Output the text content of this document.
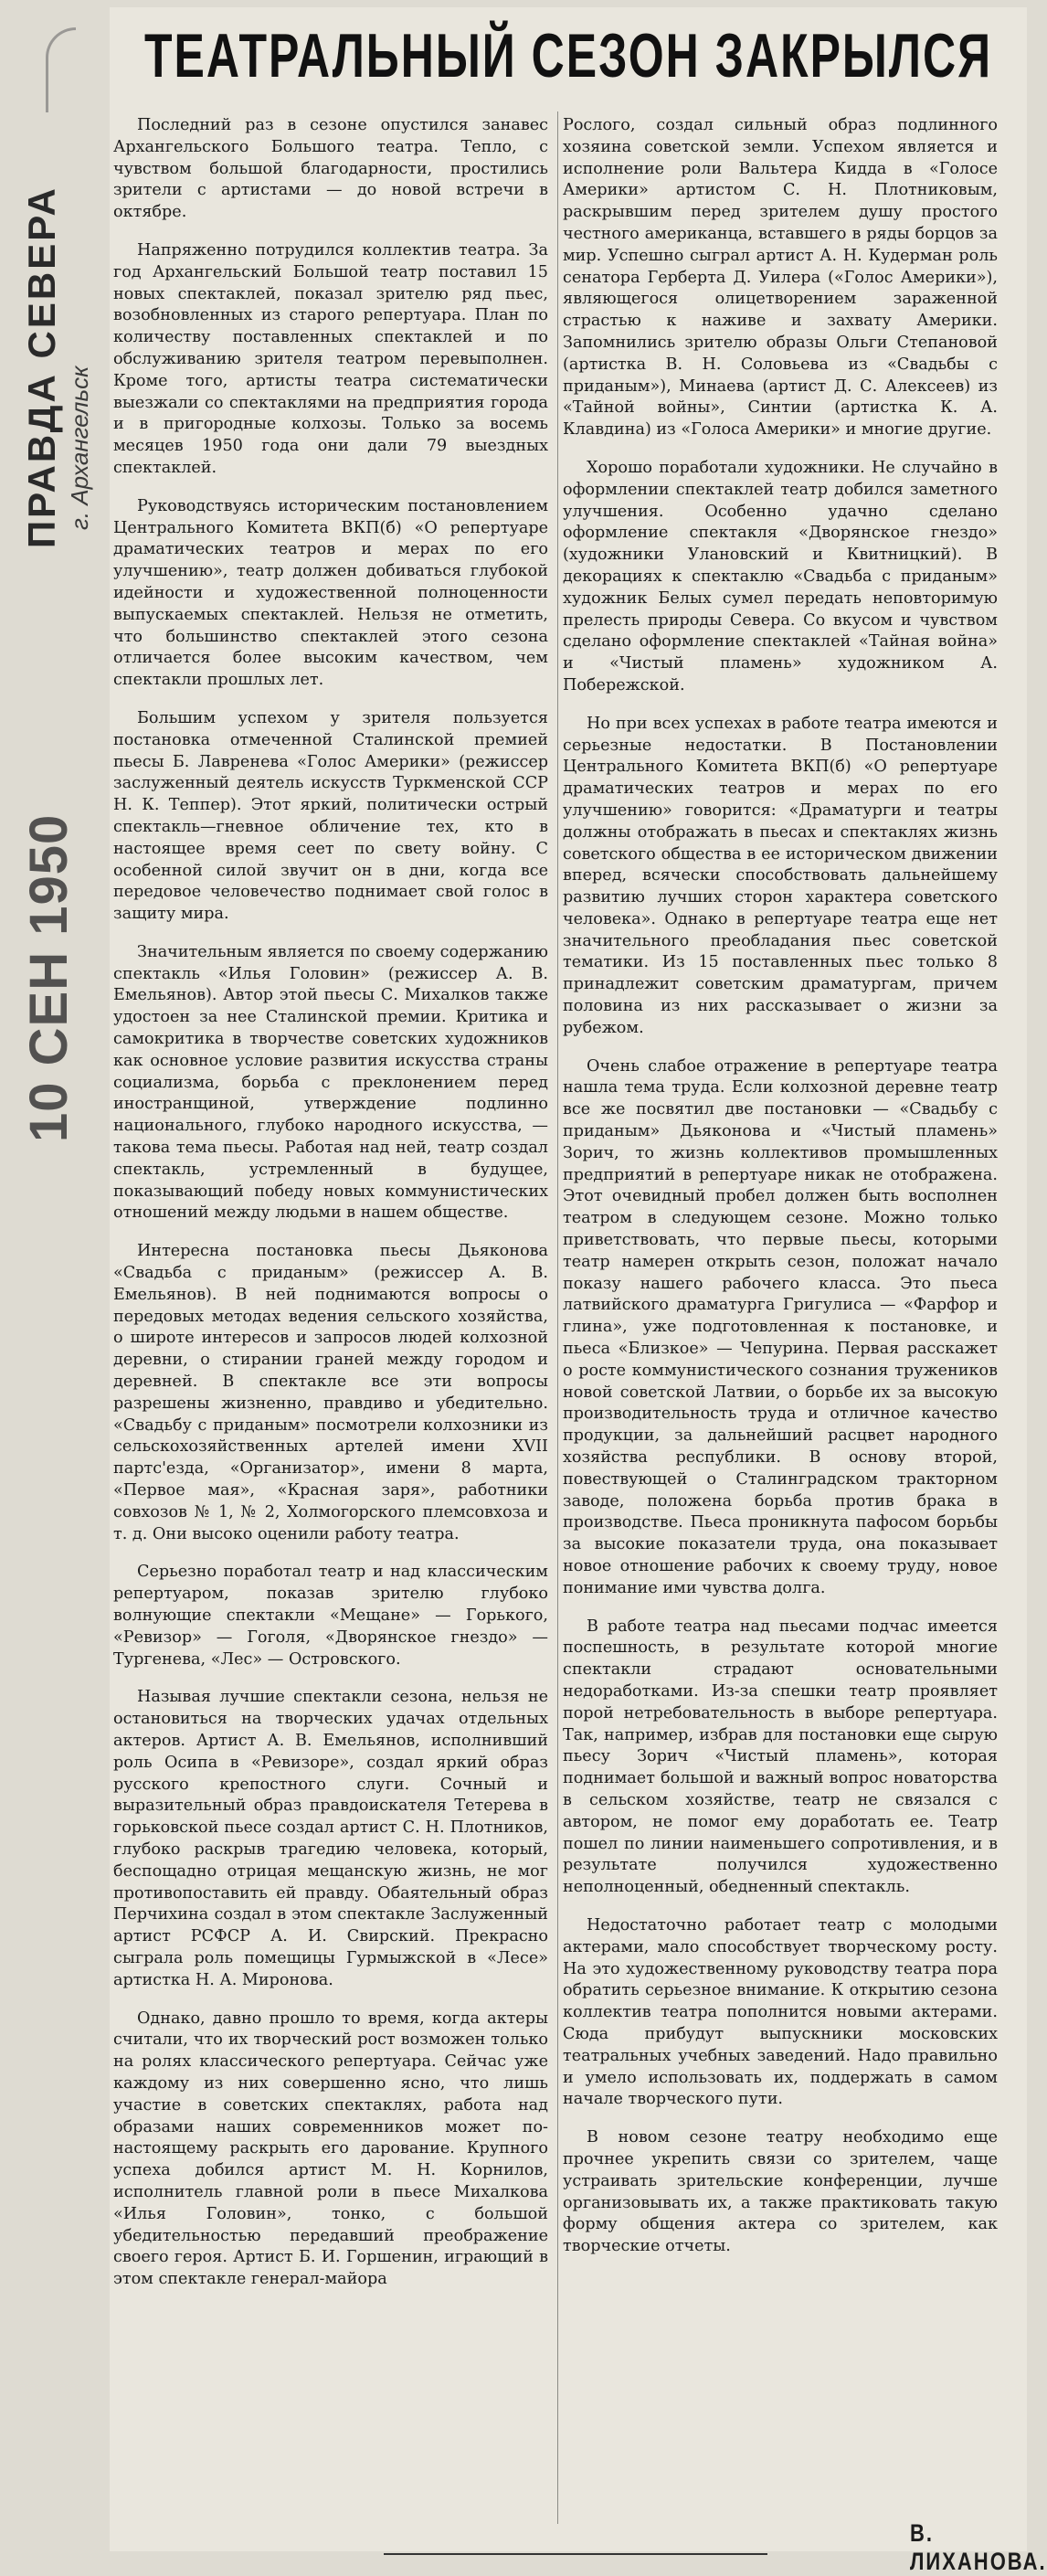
ПРАВДА СЕВЕРА г. Архангельск
10 СЕН 1950
ТЕАТРАЛЬНЫЙ СЕЗОН ЗАКРЫЛСЯ

Последний раз в сезоне опустился занавес Архангельского Большого театра. Тепло, с чувством большой благодарности, простились зрители с артистами — до новой встречи в октябре.

Напряженно потрудился коллектив театра. За год Архангельский Большой театр поставил 15 новых спектаклей, показал зрителю ряд пьес, возобновленных из старого репертуара. План по количеству поставленных спектаклей и по обслуживанию зрителя театром перевыполнен. Кроме того, артисты театра систематически выезжали со спектаклями на предприятия города и в пригородные колхозы. Только за восемь месяцев 1950 года они дали 79 выездных спектаклей.

Руководствуясь историческим постановлением Центрального Комитета ВКП(б) «О репертуаре драматических театров и мерах по его улучшению», театр должен добиваться глубокой идейности и художественной полноценности выпускаемых спектаклей. Нельзя не отметить, что большинство спектаклей этого сезона отличается более высоким качеством, чем спектакли прошлых лет.

Большим успехом у зрителя пользуется постановка отмеченной Сталинской премией пьесы Б. Лавренева «Голос Америки» (режиссер заслуженный деятель искусств Туркменской ССР Н. К. Теппер). Этот яркий, политически острый спектакль—гневное обличение тех, кто в настоящее время сеет по свету войну. С особенной силой звучит он в дни, когда все передовое человечество поднимает свой голос в защиту мира.

Значительным является по своему содержанию спектакль «Илья Головин» (режиссер А. В. Емельянов). Автор этой пьесы С. Михалков также удостоен за нее Сталинской премии. Критика и самокритика в творчестве советских художников как основное условие развития искусства страны социализма, борьба с преклонением перед иностранщиной, утверждение подлинно национального, глубоко народного искусства, — такова тема пьесы. Работая над ней, театр создал спектакль, устремленный в будущее, показывающий победу новых коммунистических отношений между людьми в нашем обществе.

Интересна постановка пьесы Дьяконова «Свадьба с приданым» (режиссер А. В. Емельянов). В ней поднимаются вопросы о передовых методах ведения сельского хозяйства, о широте интересов и запросов людей колхозной деревни, о стирании граней между городом и деревней. В спектакле все эти вопросы разрешены жизненно, правдиво и убедительно. «Свадьбу с приданым» посмотрели колхозники из сельскохозяйственных артелей имени XVII партс'езда, «Организатор», имени 8 марта, «Первое мая», «Красная заря», работники совхозов № 1, № 2, Холмогорского племсовхоза и т. д. Они высоко оценили работу театра.

Серьезно поработал театр и над классическим репертуаром, показав зрителю глубоко волнующие спектакли «Мещане» — Горького, «Ревизор» — Гоголя, «Дворянское гнездо» — Тургенева, «Лес» — Островского.

Называя лучшие спектакли сезона, нельзя не остановиться на творческих удачах отдельных актеров. Артист А. В. Емельянов, исполнивший роль Осипа в «Ревизоре», создал яркий образ русского крепостного слуги. Сочный и выразительный образ правдоискателя Тетерева в горьковской пьесе создал артист С. Н. Плотников, глубоко раскрыв трагедию человека, который, беспощадно отрицая мещанскую жизнь, не мог противопоставить ей правду. Обаятельный образ Перчихина создал в этом спектакле Заслуженный артист РСФСР А. И. Свирский. Прекрасно сыграла роль помещицы Гурмыжской в «Лесе» артистка Н. А. Миронова.

Однако, давно прошло то время, когда актеры считали, что их творческий рост возможен только на ролях классического репертуара. Сейчас уже каждому из них совершенно ясно, что лишь участие в советских спектаклях, работа над образами наших современников может по-настоящему раскрыть его дарование. Крупного успеха добился артист М. Н. Корнилов, исполнитель главной роли в пьесе Михалкова «Илья Головин», тонко, с большой убедительностью передавший преображение своего героя. Артист Б. И. Горшенин, играющий в этом спектакле генерал-майора

Рослого, создал сильный образ подлинного хозяина советской земли. Успехом является и исполнение роли Вальтера Кидда в «Голосе Америки» артистом С. Н. Плотниковым, раскрывшим перед зрителем душу простого честного американца, вставшего в ряды борцов за мир. Успешно сыграл артист А. Н. Кудерман роль сенатора Герберта Д. Уилера («Голос Америки»), являющегося олицетворением зараженной страстью к наживе и захвату Америки. Запомнились зрителю образы Ольги Степановой (артистка В. Н. Соловьева из «Свадьбы с приданым»), Минаева (артист Д. С. Алексеев) из «Тайной войны», Синтии (артистка К. А. Клавдина) из «Голоса Америки» и многие другие.

Хорошо поработали художники. Не случайно в оформлении спектаклей театр добился заметного улучшения. Особенно удачно сделано оформление спектакля «Дворянское гнездо» (художники Улановский и Квитницкий). В декорациях к спектаклю «Свадьба с приданым» художник Белых сумел передать неповторимую прелесть природы Севера. Со вкусом и чувством сделано оформление спектаклей «Тайная война» и «Чистый пламень» художником А. Побережской.

Но при всех успехах в работе театра имеются и серьезные недостатки. В Постановлении Центрального Комитета ВКП(б) «О репертуаре драматических театров и мерах по его улучшению» говорится: «Драматурги и театры должны отображать в пьесах и спектаклях жизнь советского общества в ее историческом движении вперед, всячески способствовать дальнейшему развитию лучших сторон характера советского человека». Однако в репертуаре театра еще нет значительного преобладания пьес советской тематики. Из 15 поставленных пьес только 8 принадлежит советским драматургам, причем половина из них рассказывает о жизни за рубежом.

Очень слабое отражение в репертуаре театра нашла тема труда. Если колхозной деревне театр все же посвятил две постановки — «Свадьбу с приданым» Дьяконова и «Чистый пламень» Зорич, то жизнь коллективов промышленных предприятий в репертуаре никак не отображена. Этот очевидный пробел должен быть восполнен театром в следующем сезоне. Можно только приветствовать, что первые пьесы, которыми театр намерен открыть сезон, положат начало показу нашего рабочего класса. Это пьеса латвийского драматурга Григулиса — «Фарфор и глина», уже подготовленная к постановке, и пьеса «Близкое» — Чепурина. Первая расскажет о росте коммунистического сознания тружеников новой советской Латвии, о борьбе их за высокую производительность труда и отличное качество продукции, за дальнейший расцвет народного хозяйства республики. В основу второй, повествующей о Сталинградском тракторном заводе, положена борьба против брака в производстве. Пьеса проникнута пафосом борьбы за высокие показатели труда, она показывает новое отношение рабочих к своему труду, новое понимание ими чувства долга.

В работе театра над пьесами подчас имеется поспешность, в результате которой многие спектакли страдают основательными недоработками. Из-за спешки театр проявляет порой нетребовательность в выборе репертуара. Так, например, избрав для постановки еще сырую пьесу Зорич «Чистый пламень», которая поднимает большой и важный вопрос новаторства в сельском хозяйстве, театр не связался с автором, не помог ему доработать ее. Театр пошел по линии наименьшего сопротивления, и в результате получился художественно неполноценный, обедненный спектакль.

Недостаточно работает театр с молодыми актерами, мало способствует творческому росту. На это художественному руководству театра пора обратить серьезное внимание. К открытию сезона коллектив театра пополнится новыми актерами. Сюда прибудут выпускники московских театральных учебных заведений. Надо правильно и умело использовать их, поддержать в самом начале творческого пути.

В новом сезоне театру необходимо еще прочнее укрепить связи со зрителем, чаще устраивать зрительские конференции, лучше организовывать их, а также практиковать такую форму общения актера со зрителем, как творческие отчеты.

В. ЛИХАНОВА.
